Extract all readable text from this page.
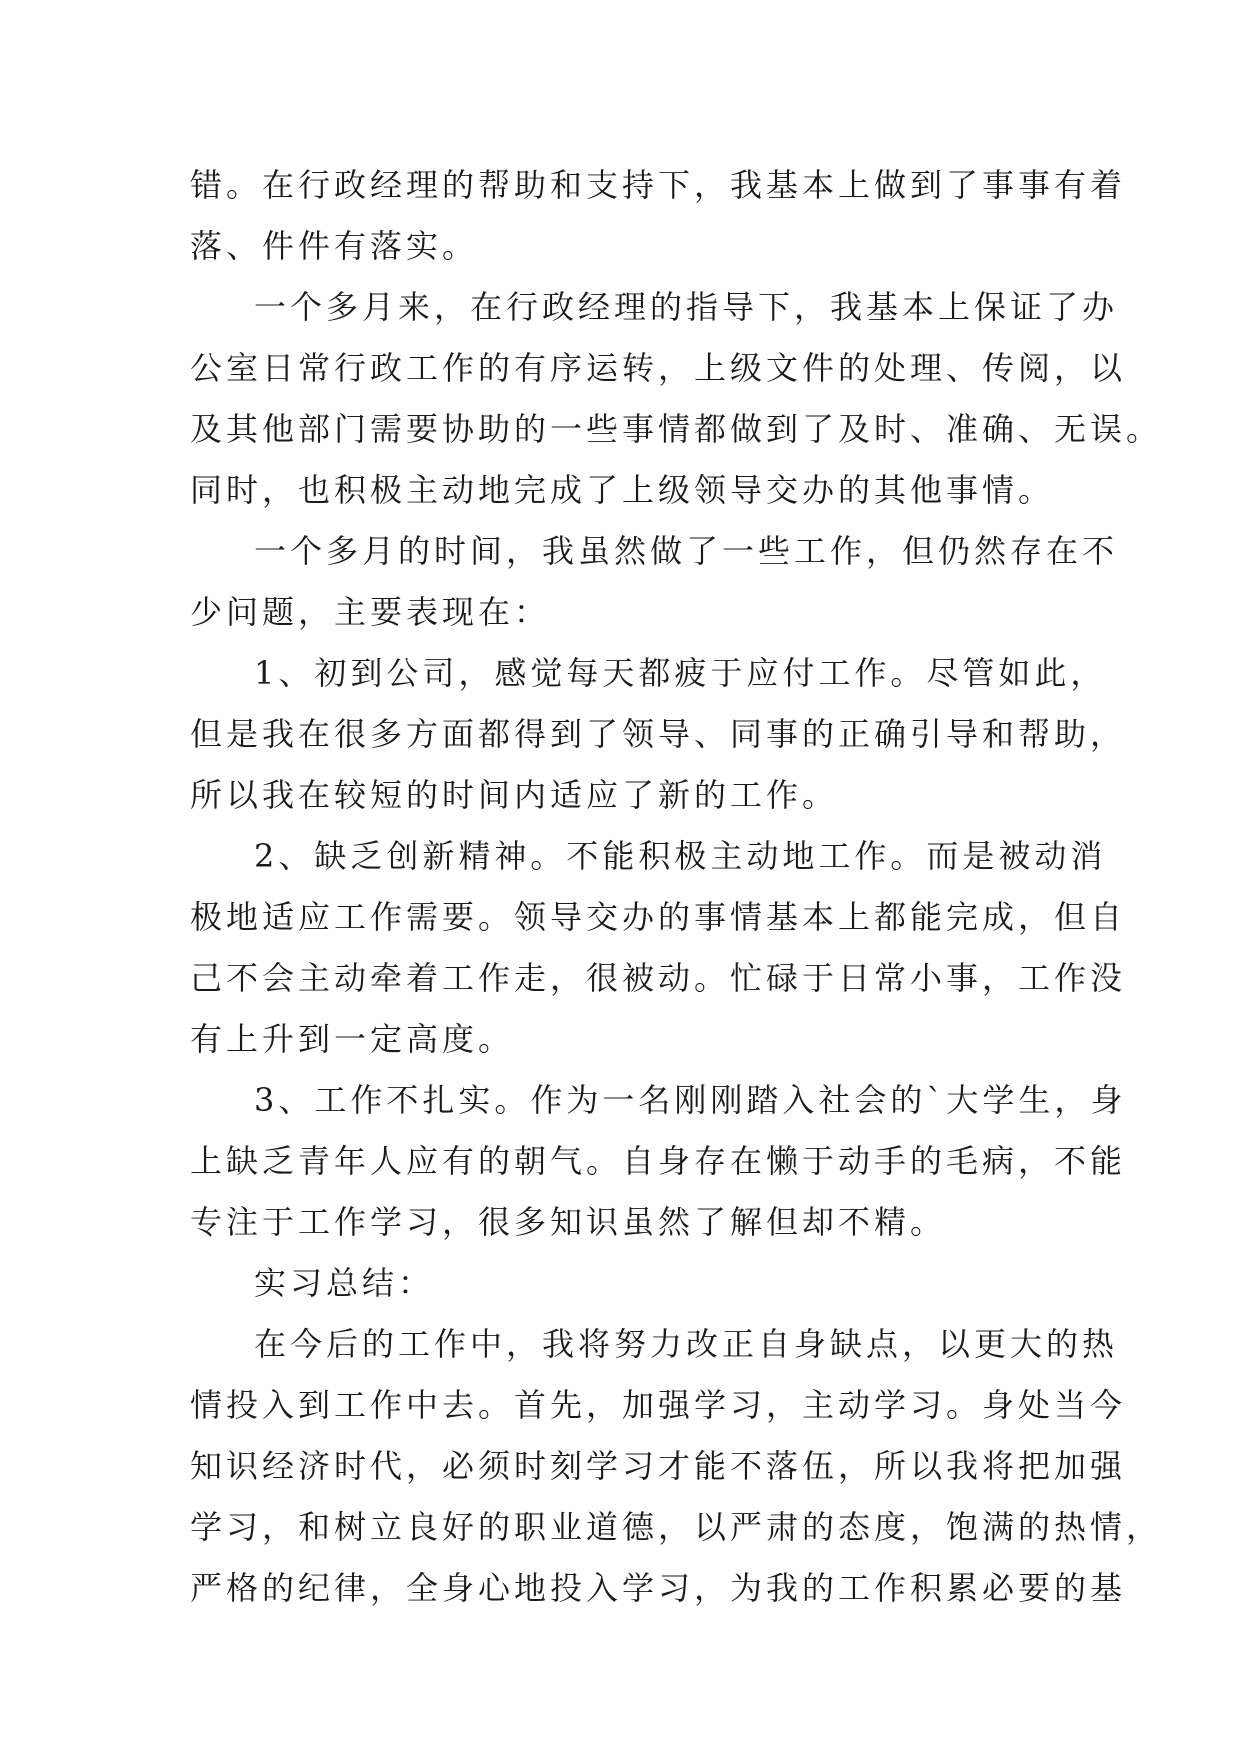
错。在行政经理的帮助和支持下，我基本上做到了事事有着
落、件件有落实。
一个多月来，在行政经理的指导下，我基本上保证了办
公室日常行政工作的有序运转，上级文件的处理、传阅，以
及其他部门需要协助的一些事情都做到了及时、准确、无误。
同时，也积极主动地完成了上级领导交办的其他事情。
一个多月的时间，我虽然做了一些工作，但仍然存在不
少问题，主要表现在：
1、初到公司，感觉每天都疲于应付工作。尽管如此，
但是我在很多方面都得到了领导、同事的正确引导和帮助，
所以我在较短的时间内适应了新的工作。
2、缺乏创新精神。不能积极主动地工作。而是被动消
极地适应工作需要。领导交办的事情基本上都能完成，但自
己不会主动牵着工作走，很被动。忙碌于日常小事，工作没
有上升到一定高度。
3、工作不扎实。作为一名刚刚踏入社会的`大学生，身
上缺乏青年人应有的朝气。自身存在懒于动手的毛病，不能
专注于工作学习，很多知识虽然了解但却不精。
实习总结：
在今后的工作中，我将努力改正自身缺点，以更大的热
情投入到工作中去。首先，加强学习，主动学习。身处当今
知识经济时代，必须时刻学习才能不落伍，所以我将把加强
学习，和树立良好的职业道德，以严肃的态度，饱满的热情，
严格的纪律，全身心地投入学习，为我的工作积累必要的基
